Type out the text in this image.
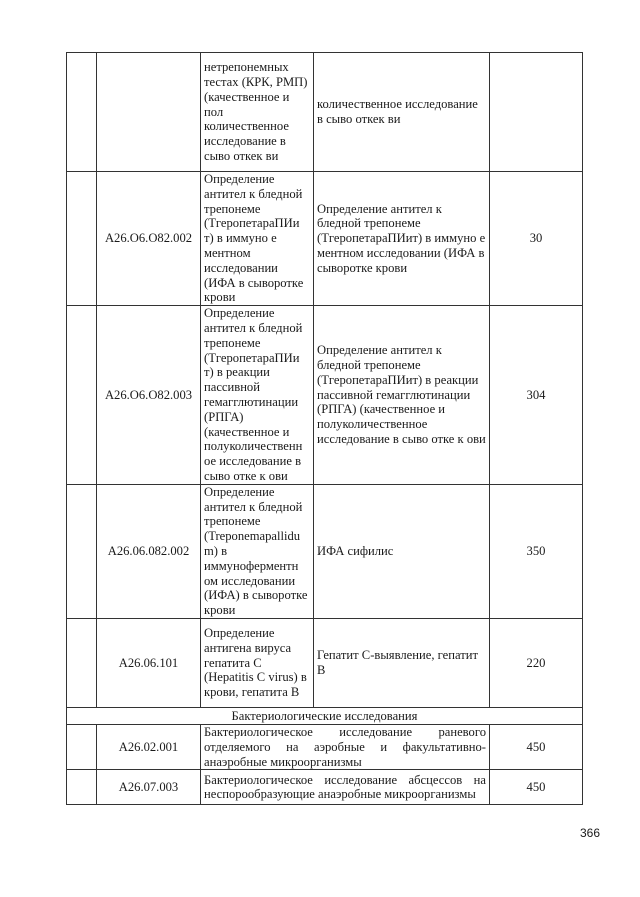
		нетрепонемных тестах (КРК, РМП) (качественное и пол количественное исследование в сыво откек ви	количественное исследование в сыво откек ви	
	А26.О6.О82.002	Определение антител к бледной трепонеме (ТгеропетараПИи т) в иммуно е ментном исследовании (ИФА в сыворотке крови	Определение антител к бледной трепонеме (ТгеропетараПИит) в иммуно е ментном исследовании (ИФА в сыворотке крови	30
	А26.О6.О82.003	Определение антител к бледной трепонеме (ТгеропетараПИи т) в реакции пассивной гемагглютинации (РПГА) (качественное и полуколичественн ое исследование в сыво отке к ови	Определение антител к бледной трепонеме (ТгеропетараПИит) в реакции пассивной гемагглютинации (РПГА) (качественное и полуколичественное исследование в сыво отке к ови	304
	А26.06.082.002	Определение антител к бледной трепонеме (Treponemapallidu m) в иммуноферментн ом исследовании (ИФА) в сыворотке крови	ИФА сифилис	350
	А26.06.101	Определение антигена вируса гепатита С (Hepatitis С virus) в крови, гепатита В	Гепатит С-выявление, гепатит В	220
Бактериологические исследования				
	А26.02.001	Бактериологическое исследование раневого отделяемого на аэробные и факультативно-анаэробные микроорганизмы		450
	А26.07.003	Бактериологическое исследование абсцессов на неспорообразующие анаэробные микроорганизмы		450
366
